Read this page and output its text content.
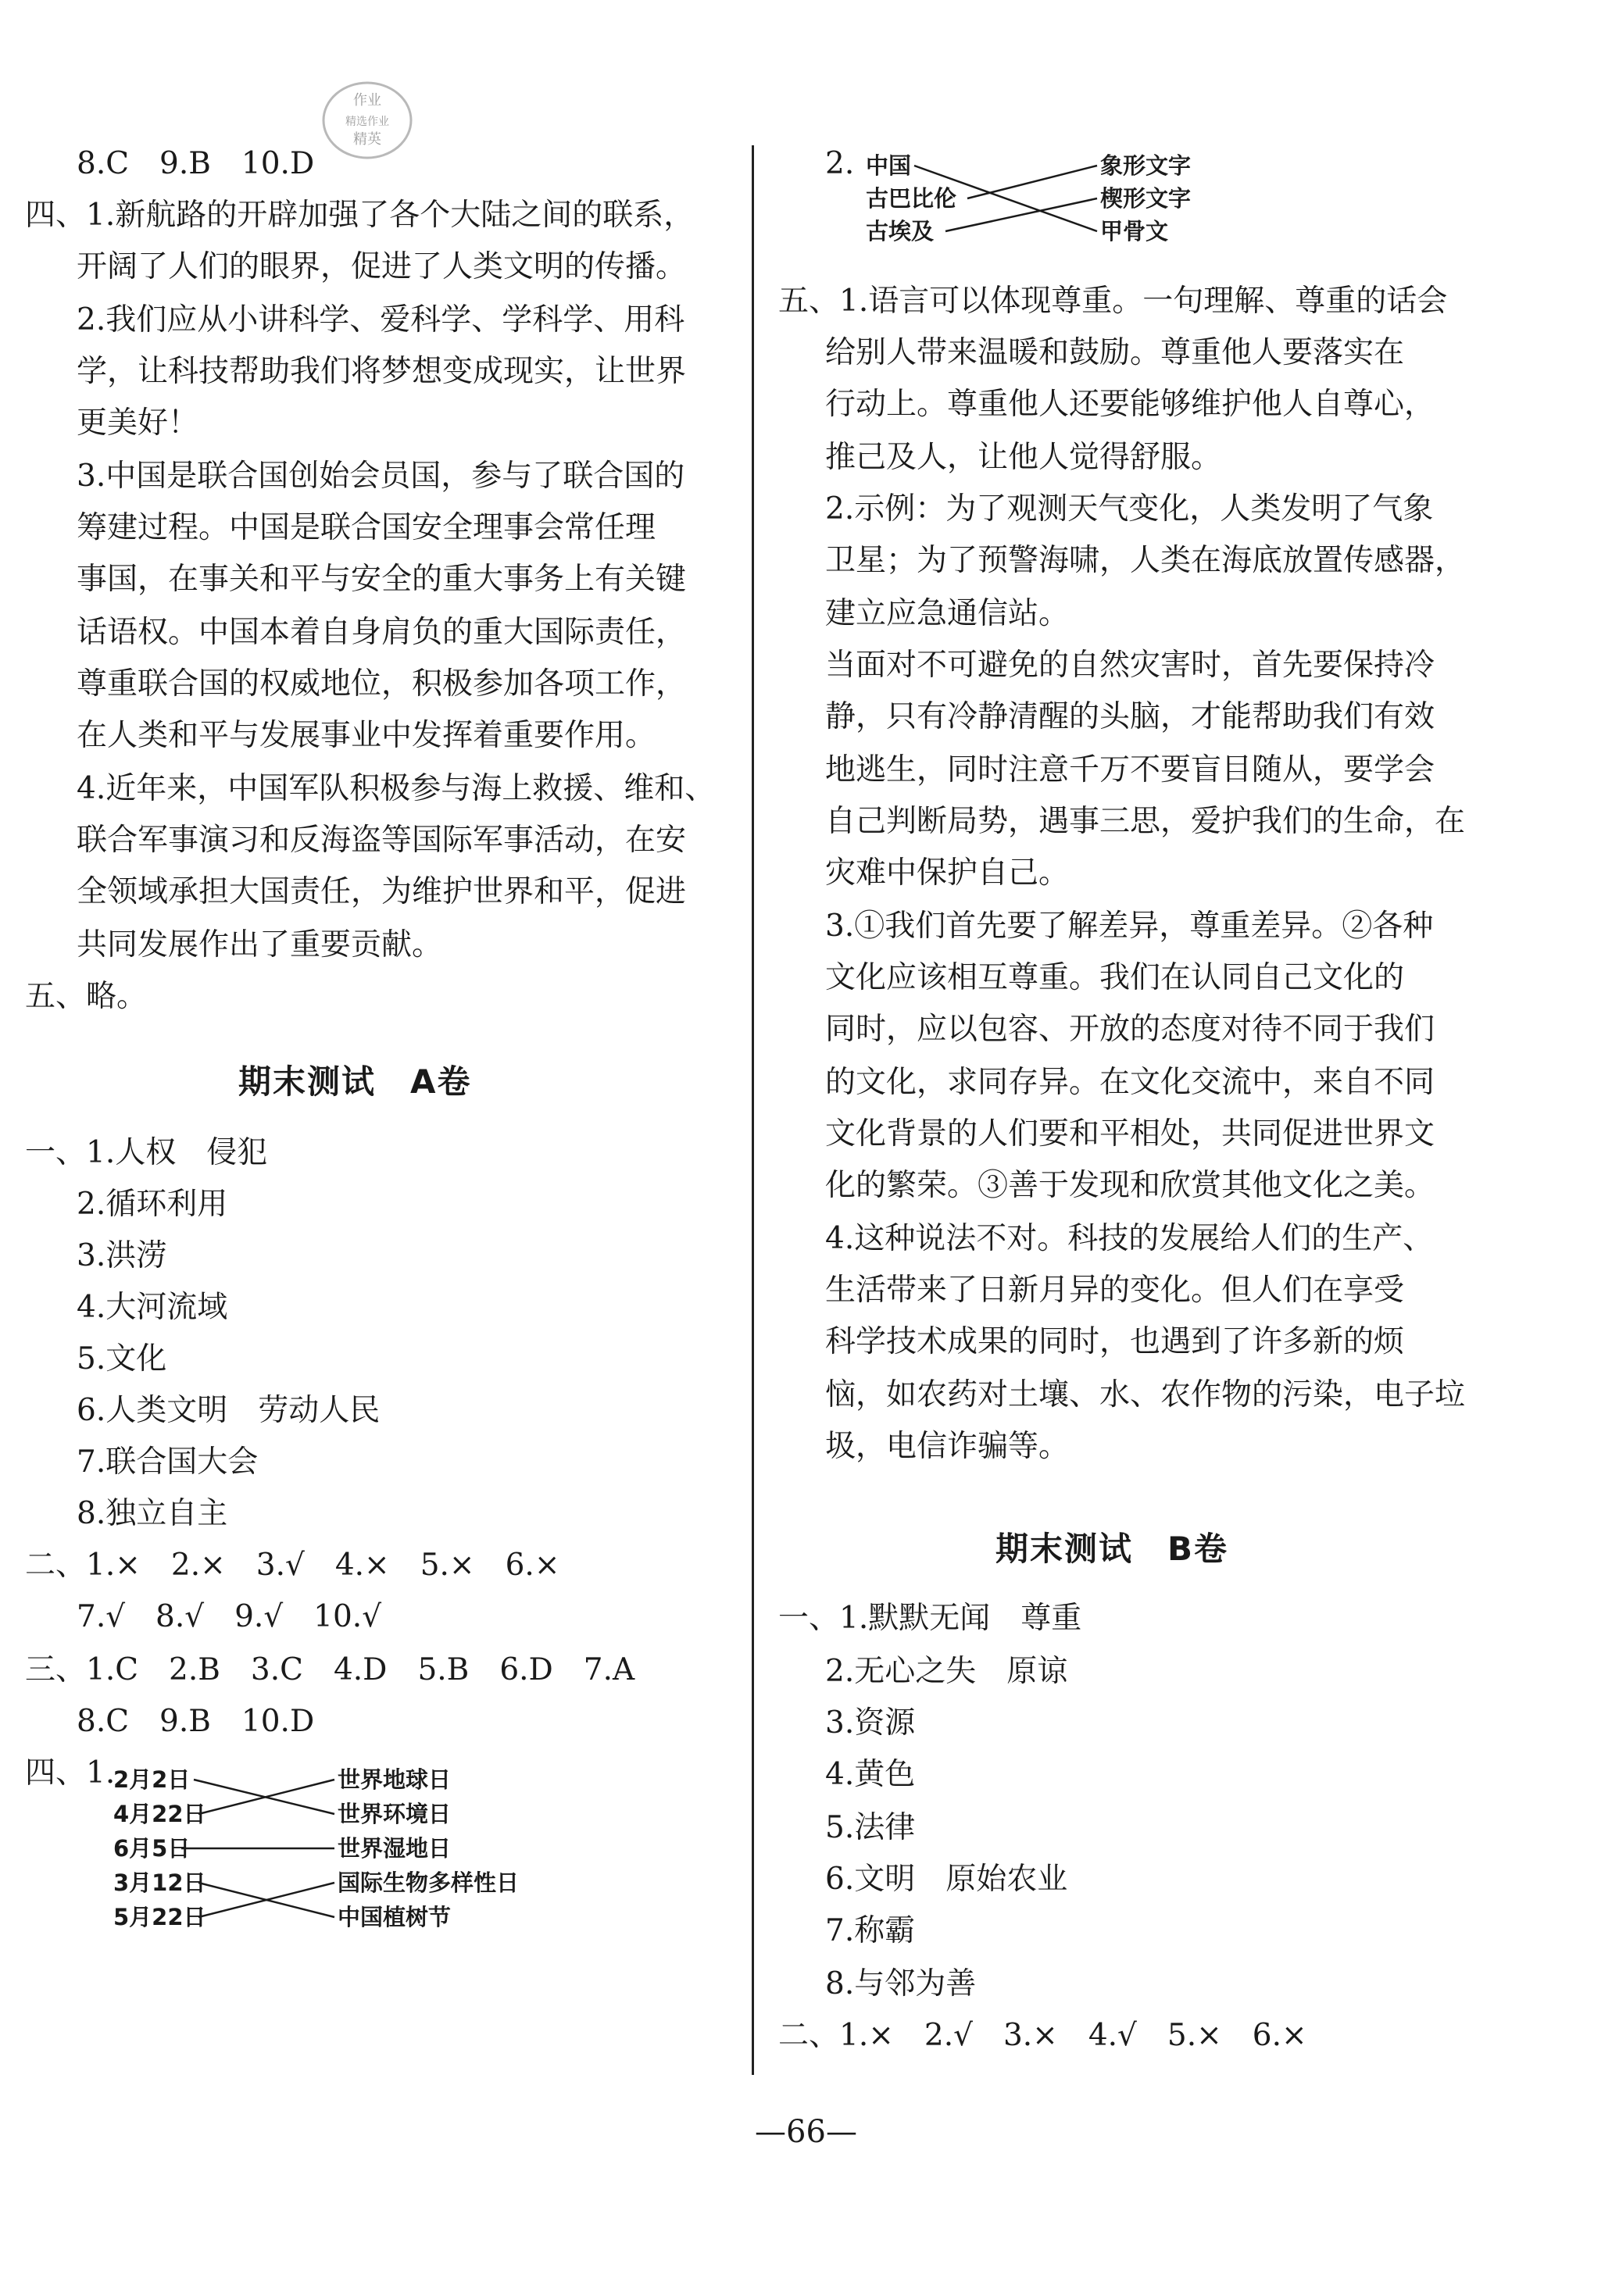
作业
精选作业
精英
8.C　9.B　10.D
四、1.新航路的开辟加强了各个大陆之间的联系，
开阔了人们的眼界，促进了人类文明的传播。
2.我们应从小讲科学、爱科学、学科学、用科
学，让科技帮助我们将梦想变成现实，让世界
更美好！
3.中国是联合国创始会员国，参与了联合国的
筹建过程。中国是联合国安全理事会常任理
事国，在事关和平与安全的重大事务上有关键
话语权。中国本着自身肩负的重大国际责任，
尊重联合国的权威地位，积极参加各项工作，
在人类和平与发展事业中发挥着重要作用。
4.近年来，中国军队积极参与海上救援、维和、
联合军事演习和反海盗等国际军事活动，在安
全领域承担大国责任，为维护世界和平，促进
共同发展作出了重要贡献。
五、略。
一、1.人权　侵犯
2.循环利用
3.洪涝
4.大河流域
5.文化
6.人类文明　劳动人民
7.联合国大会
8.独立自主
二、1.×　2.×　3.√　4.×　5.×　6.×
7.√　8.√　9.√　10.√
三、1.C　2.B　3.C　4.D　5.B　6.D　7.A
8.C　9.B　10.D
四、1.
2.
五、1.语言可以体现尊重。一句理解、尊重的话会
给别人带来温暖和鼓励。尊重他人要落实在
行动上。尊重他人还要能够维护他人自尊心，
推己及人，让他人觉得舒服。
2.示例：为了观测天气变化，人类发明了气象
卫星；为了预警海啸，人类在海底放置传感器，
建立应急通信站。
当面对不可避免的自然灾害时，首先要保持冷
静，只有冷静清醒的头脑，才能帮助我们有效
地逃生，同时注意千万不要盲目随从，要学会
自己判断局势，遇事三思，爱护我们的生命，在
灾难中保护自己。
3.①我们首先要了解差异，尊重差异。②各种
文化应该相互尊重。我们在认同自己文化的
同时，应以包容、开放的态度对待不同于我们
的文化，求同存异。在文化交流中，来自不同
文化背景的人们要和平相处，共同促进世界文
化的繁荣。③善于发现和欣赏其他文化之美。
4.这种说法不对。科技的发展给人们的生产、
生活带来了日新月异的变化。但人们在享受
科学技术成果的同时，也遇到了许多新的烦
恼，如农药对土壤、水、农作物的污染，电子垃
圾，电信诈骗等。
一、1.默默无闻　尊重
2.无心之失　原谅
3.资源
4.黄色
5.法律
6.文明　原始农业
7.称霸
8.与邻为善
二、1.×　2.√　3.×　4.√　5.×　6.×
期末测试　A卷
期末测试　B卷
2月2日
4月22日
6月5日
3月12日
5月22日
世界地球日
世界环境日
世界湿地日
国际生物多样性日
中国植树节
中国
古巴比伦
古埃及
象形文字
楔形文字
甲骨文
—66—
